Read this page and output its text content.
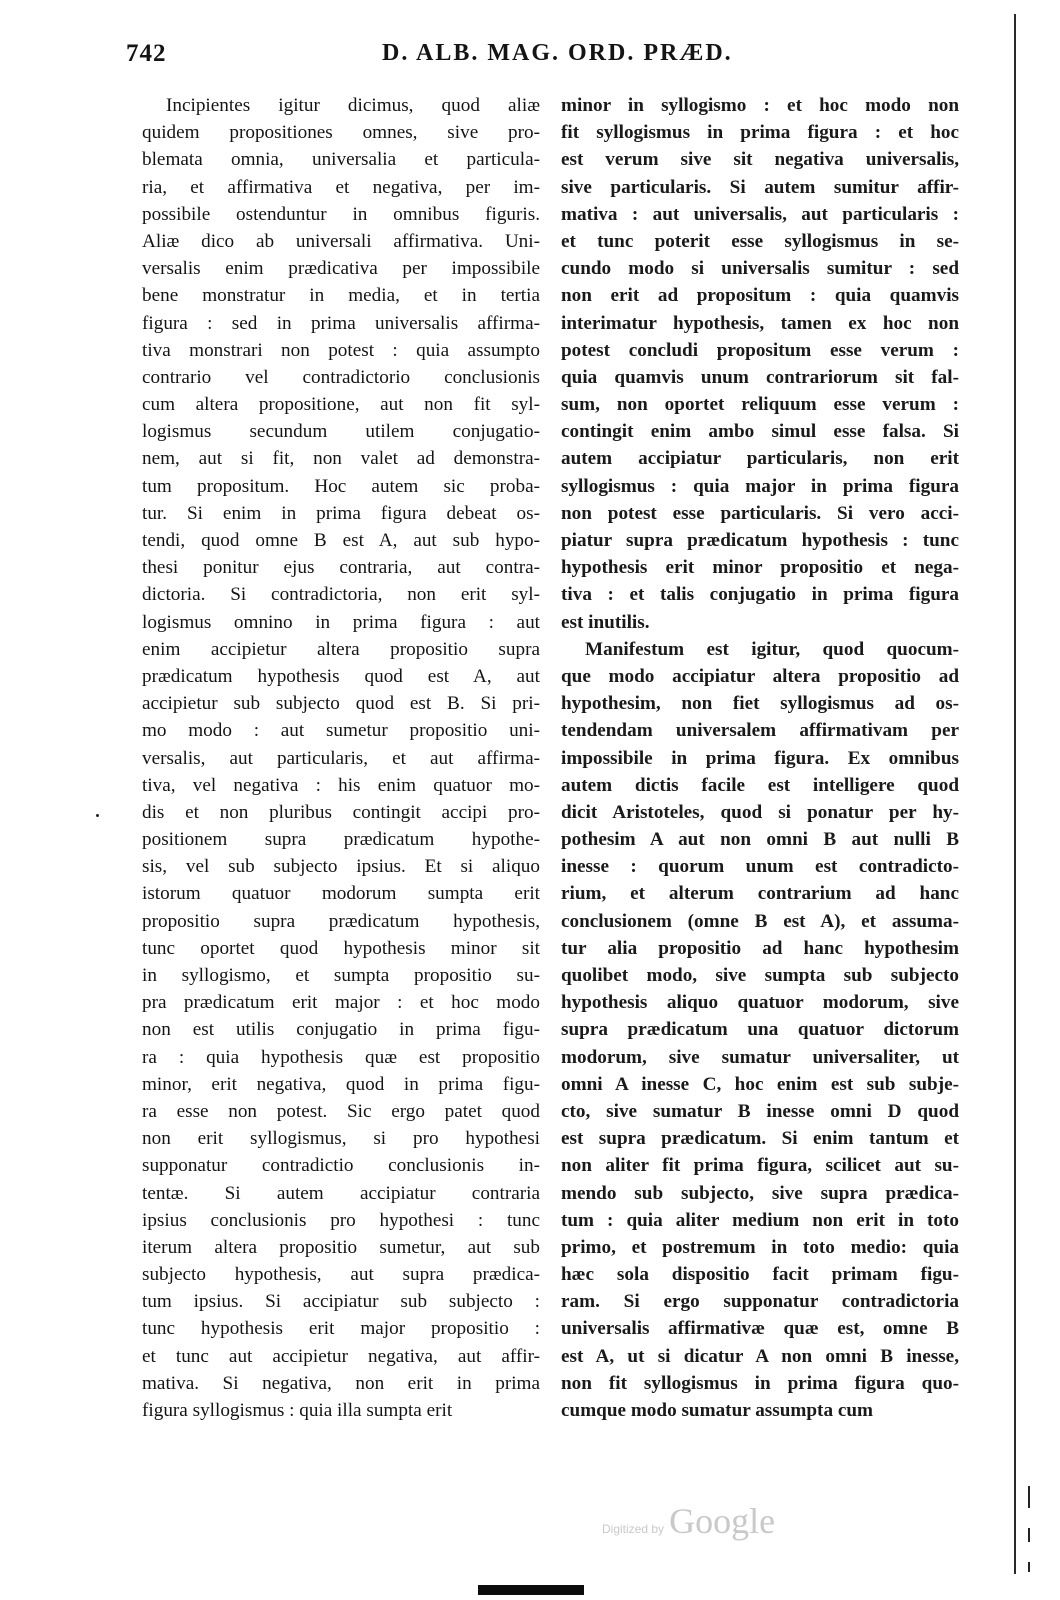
742	D. ALB. MAG. ORD. PRÆD.
Incipientes igitur dicimus, quod aliæ
quidem propositiones omnes, sive pro-
blemata omnia, universalia et particula-
ria, et affirmativa et negativa, per im-
possibile ostenduntur in omnibus figuris.
Aliæ dico ab universali affirmativa. Uni-
versalis enim prædicativa per impossibile
bene monstratur in media, et in tertia
figura : sed in prima universalis affirma-
tiva monstrari non potest : quia assumpto
contrario vel contradictorio conclusionis
cum altera propositione, aut non fit syl-
logismus secundum utilem conjugatio-
nem, aut si fit, non valet ad demonstra-
tum propositum. Hoc autem sic proba-
tur. Si enim in prima figura debeat os-
tendi, quod omne B est A, aut sub hypo-
thesi ponitur ejus contraria, aut contra-
dictoria. Si contradictoria, non erit syl-
logismus omnino in prima figura : aut
enim accipietur altera propositio supra
prædicatum hypothesis quod est A, aut
accipietur sub subjecto quod est B. Si pri-
mo modo : aut sumetur propositio uni-
versalis, aut particularis, et aut affirma-
tiva, vel negativa : his enim quatuor mo-
dis et non pluribus contingit accipi pro-
positionem supra prædicatum hypothe-
sis, vel sub subjecto ipsius. Et si aliquo
istorum quatuor modorum sumpta erit
propositio supra prædicatum hypothesis,
tunc oportet quod hypothesis minor sit
in syllogismo, et sumpta propositio su-
pra prædicatum erit major : et hoc modo
non est utilis conjugatio in prima figu-
ra : quia hypothesis quæ est propositio
minor, erit negativa, quod in prima figu-
ra esse non potest. Sic ergo patet quod
non erit syllogismus, si pro hypothesi
supponatur contradictio conclusionis in-
tentæ. Si autem accipiatur contraria
ipsius conclusionis pro hypothesi : tunc
iterum altera propositio sumetur, aut sub
subjecto hypothesis, aut supra prædica-
tum ipsius. Si accipiatur sub subjecto :
tunc hypothesis erit major propositio :
et tunc aut accipietur negativa, aut affir-
mativa. Si negativa, non erit in prima
figura syllogismus : quia illa sumpta erit
minor in syllogismo : et hoc modo non
fit syllogismus in prima figura : et hoc
est verum sive sit negativa universalis,
sive particularis. Si autem sumitur affir-
mativa : aut universalis, aut particularis :
et tunc poterit esse syllogismus in se-
cundo modo si universalis sumitur : sed
non erit ad propositum : quia quamvis
interimatur hypothesis, tamen ex hoc non
potest concludi propositum esse verum :
quia quamvis unum contrariorum sit fal-
sum, non oportet reliquum esse verum :
contingit enim ambo simul esse falsa. Si
autem accipiatur particularis, non erit
syllogismus : quia major in prima figura
non potest esse particularis. Si vero acci-
piatur supra prædicatum hypothesis : tunc
hypothesis erit minor propositio et nega-
tiva : et talis conjugatio in prima figura
est inutilis.
Manifestum est igitur, quod quocum-
que modo accipiatur altera propositio ad
hypothesim, non fiet syllogismus ad os-
tendendam universalem affirmativam per
impossibile in prima figura. Ex omnibus
autem dictis facile est intelligere quod
dicit Aristoteles, quod si ponatur per hy-
pothesim A aut non omni B aut nulli B
inesse : quorum unum est contradicto-
rium, et alterum contrarium ad hanc
conclusionem (omne B est A), et assuma-
tur alia propositio ad hanc hypothesim
quolibet modo, sive sumpta sub subjecto
hypothesis aliquo quatuor modorum, sive
supra prædicatum una quatuor dictorum
modorum, sive sumatur universaliter, ut
omni A inesse C, hoc enim est sub subje-
cto, sive sumatur B inesse omni D quod
est supra prædicatum. Si enim tantum et
non aliter fit prima figura, scilicet aut su-
mendo sub subjecto, sive supra prædica-
tum : quia aliter medium non erit in toto
primo, et postremum in toto medio: quia
hæc sola dispositio facit primam figu-
ram. Si ergo supponatur contradictoria
universalis affirmativæ quæ est, omne B
est A, ut si dicatur A non omni B inesse,
non fit syllogismus in prima figura quo-
cumque modo sumatur assumpta cum
Digitized by Google
